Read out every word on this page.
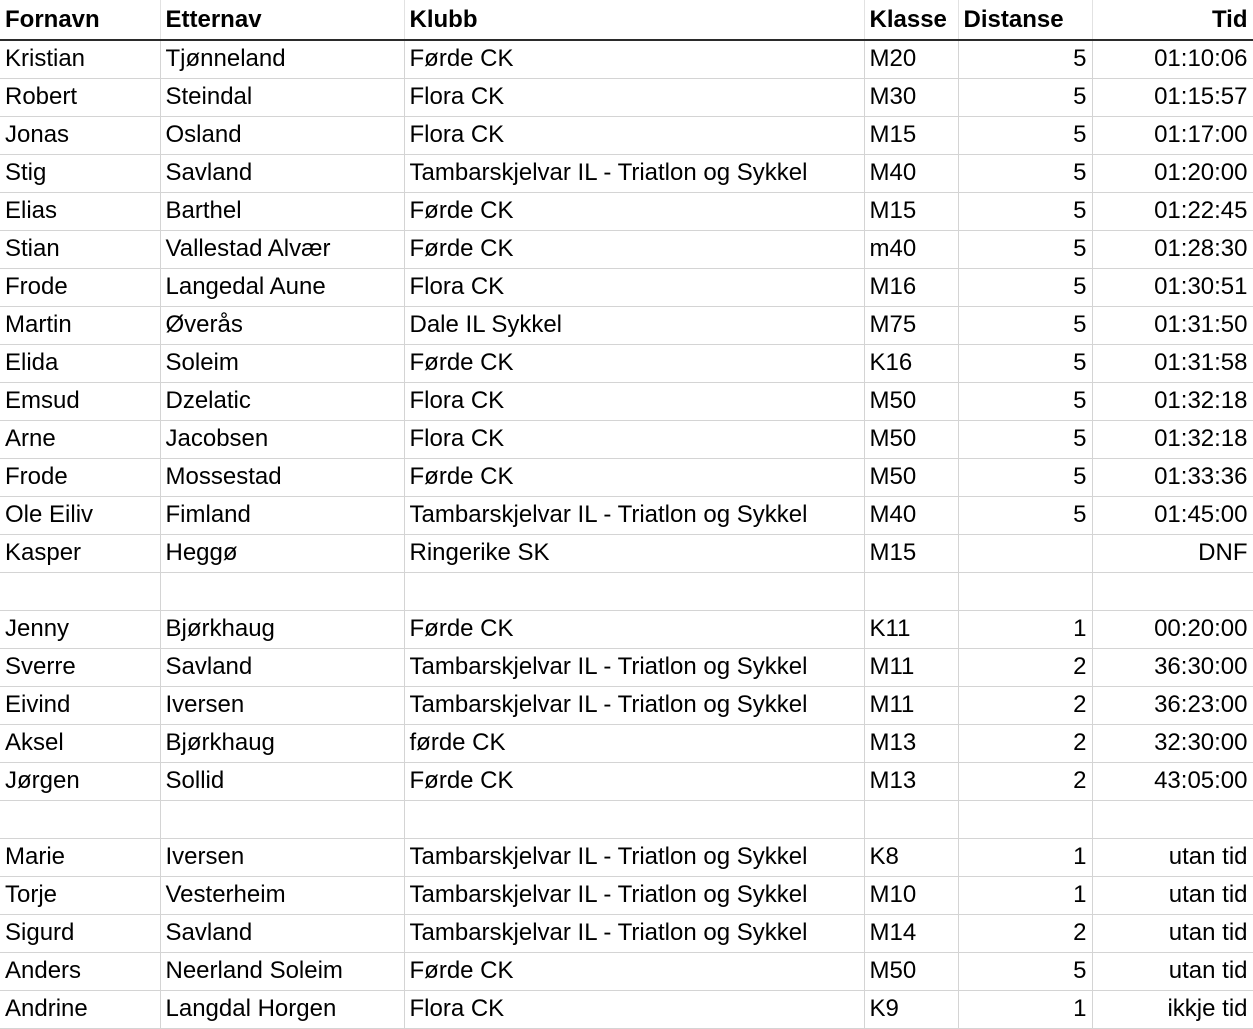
Fornavn	Etternav	Klubb	Klasse	Distanse	Tid
Kristian	Tjønneland	Førde CK	M20	5	01:10:06
Robert	Steindal	Flora CK	M30	5	01:15:57
Jonas	Osland	Flora CK	M15	5	01:17:00
Stig	Savland	Tambarskjelvar IL - Triatlon og Sykkel	M40	5	01:20:00
Elias	Barthel	Førde CK	M15	5	01:22:45
Stian	Vallestad Alvær	Førde CK	m40	5	01:28:30
Frode	Langedal Aune	Flora CK	M16	5	01:30:51
Martin	Øverås	Dale IL Sykkel	M75	5	01:31:50
Elida	Soleim	Førde CK	K16	5	01:31:58
Emsud	Dzelatic	Flora CK	M50	5	01:32:18
Arne	Jacobsen	Flora CK	M50	5	01:32:18
Frode	Mossestad	Førde CK	M50	5	01:33:36
Ole Eiliv	Fimland	Tambarskjelvar IL - Triatlon og Sykkel	M40	5	01:45:00
Kasper	Heggø	Ringerike SK	M15		DNF

Jenny	Bjørkhaug	Førde CK	K11	1	00:20:00
Sverre	Savland	Tambarskjelvar IL - Triatlon og Sykkel	M11	2	36:30:00
Eivind	Iversen	Tambarskjelvar IL - Triatlon og Sykkel	M11	2	36:23:00
Aksel	Bjørkhaug	førde CK	M13	2	32:30:00
Jørgen	Sollid	Førde CK	M13	2	43:05:00

Marie	Iversen	Tambarskjelvar IL - Triatlon og Sykkel	K8	1	utan tid
Torje	Vesterheim	Tambarskjelvar IL - Triatlon og Sykkel	M10	1	utan tid
Sigurd	Savland	Tambarskjelvar IL - Triatlon og Sykkel	M14	2	utan tid
Anders	Neerland Soleim	Førde CK	M50	5	utan tid
Andrine	Langdal Horgen	Flora CK	K9	1	ikkje tid
